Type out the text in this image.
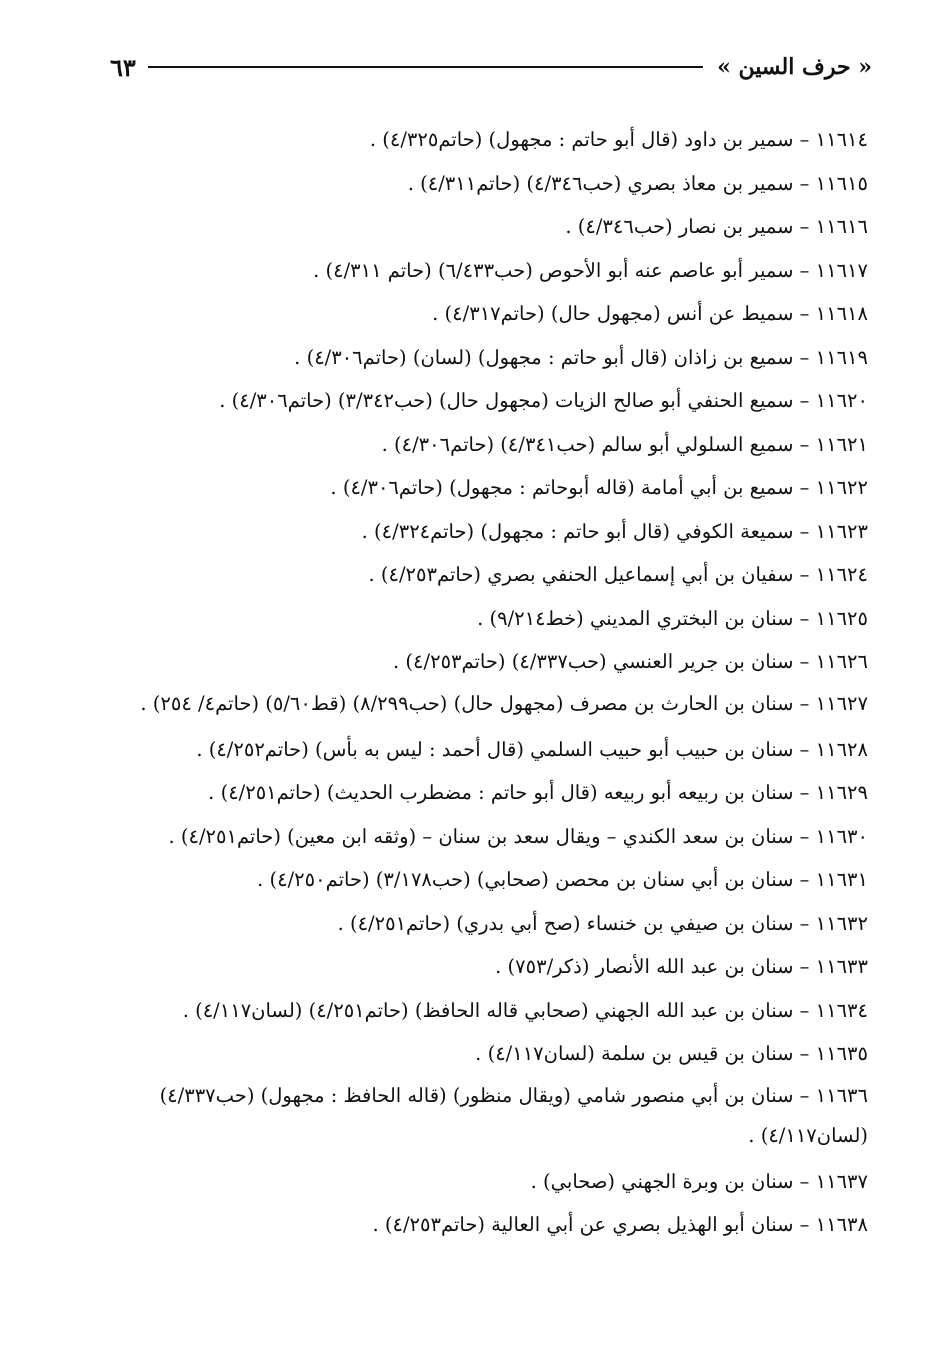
« حرف السين »
٦٣
١١٦١٤ – سمير بن داود (قال أبو حاتم : مجهول) (حاتم٤/٣٢٥) .
١١٦١٥ – سمير بن معاذ بصري (حب٤/٣٤٦) (حاتم٤/٣١١) .
١١٦١٦ – سمير بن نصار (حب٤/٣٤٦) .
١١٦١٧ – سمير أبو عاصم عنه أبو الأحوص (حب٦/٤٣٣) (حاتم ٤/٣١١) .
١١٦١٨ – سميط عن أنس (مجهول حال) (حاتم٤/٣١٧) .
١١٦١٩ – سميع بن زاذان (قال أبو حاتم : مجهول) (لسان) (حاتم٤/٣٠٦) .
١١٦٢٠ – سميع الحنفي أبو صالح الزيات (مجهول حال) (حب٣/٣٤٢) (حاتم٤/٣٠٦) .
١١٦٢١ – سميع السلولي أبو سالم (حب٤/٣٤١) (حاتم٤/٣٠٦) .
١١٦٢٢ – سميع بن أبي أمامة (قاله أبوحاتم : مجهول) (حاتم٤/٣٠٦) .
١١٦٢٣ – سميعة الكوفي (قال أبو حاتم : مجهول) (حاتم٤/٣٢٤) .
١١٦٢٤ – سفيان بن أبي إسماعيل الحنفي بصري (حاتم٤/٢٥٣) .
١١٦٢٥ – سنان بن البختري المديني (خط٩/٢١٤) .
١١٦٢٦ – سنان بن جرير العنسي (حب٤/٣٣٧) (حاتم٤/٢٥٣) .
١١٦٢٧ – سنان بن الحارث بن مصرف (مجهول حال) (حب٨/٢٩٩) (قط٥/٦٠) (حاتم٤/ ٢٥٤) .
١١٦٢٨ – سنان بن حبيب أبو حبيب السلمي (قال أحمد : ليس به بأس) (حاتم٤/٢٥٢) .
١١٦٢٩ – سنان بن ربيعه أبو ربيعه (قال أبو حاتم : مضطرب الحديث) (حاتم٤/٢٥١) .
١١٦٣٠ – سنان بن سعد الكندي – ويقال سعد بن سنان – (وثقه ابن معين) (حاتم٤/٢٥١) .
١١٦٣١ – سنان بن أبي سنان بن محصن (صحابي) (حب٣/١٧٨) (حاتم٤/٢٥٠) .
١١٦٣٢ – سنان بن صيفي بن خنساء (صح أبي بدري) (حاتم٤/٢٥١) .
١١٦٣٣ – سنان بن عبد الله الأنصار (ذكر/٧٥٣) .
١١٦٣٤ – سنان بن عبد الله الجهني (صحابي قاله الحافظ) (حاتم٤/٢٥١) (لسان٤/١١٧) .
١١٦٣٥ – سنان بن قيس بن سلمة (لسان٤/١١٧) .
١١٦٣٦ – سنان بن أبي منصور شامي (ويقال منظور) (قاله الحافظ : مجهول) (حب٤/٣٣٧) (لسان٤/١١٧) .
١١٦٣٧ – سنان بن وبرة الجهني (صحابي) .
١١٦٣٨ – سنان أبو الهذيل بصري عن أبي العالية (حاتم٤/٢٥٣) .
